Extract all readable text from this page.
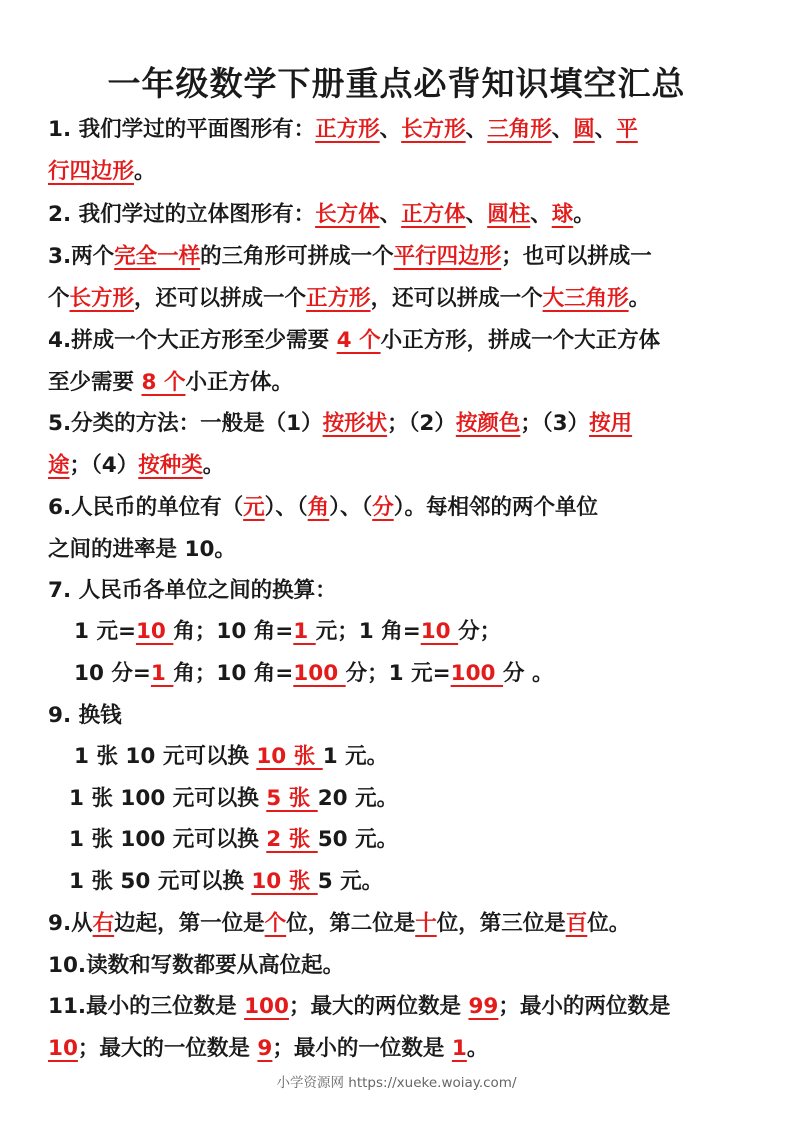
一年级数学下册重点必背知识填空汇总
1. 我们学过的平面图形有：正方形、长方形、三角形、圆、平
行四边形。
2. 我们学过的立体图形有：长方体、正方体、圆柱、球。
3.两个完全一样的三角形可拼成一个平行四边形；也可以拼成一
个长方形，还可以拼成一个正方形，还可以拼成一个大三角形。
4.拼成一个大正方形至少需要 4 个小正方形，拼成一个大正方体
至少需要 8 个小正方体。
5.分类的方法：一般是（1）按形状；（2）按颜色；（3）按用
途；（4）按种类。
6.人民币的单位有（元）、（角）、（分）。每相邻的两个单位
之间的进率是 10。
7. 人民币各单位之间的换算：
1 元=10 角；10 角=1 元；1 角=10 分；
10 分=1 角；10 角=100 分；1 元=100 分 。
9. 换钱
1 张 10 元可以换 10 张 1 元。
1 张 100 元可以换 5 张 20 元。
1 张 100 元可以换 2 张 50 元。
1 张 50 元可以换 10 张 5 元。
9.从右边起，第一位是个位，第二位是十位，第三位是百位。
10.读数和写数都要从高位起。
11.最小的三位数是 100；最大的两位数是 99；最小的两位数是
10；最大的一位数是 9；最小的一位数是 1。
小学资源网 https://xueke.woiay.com/
